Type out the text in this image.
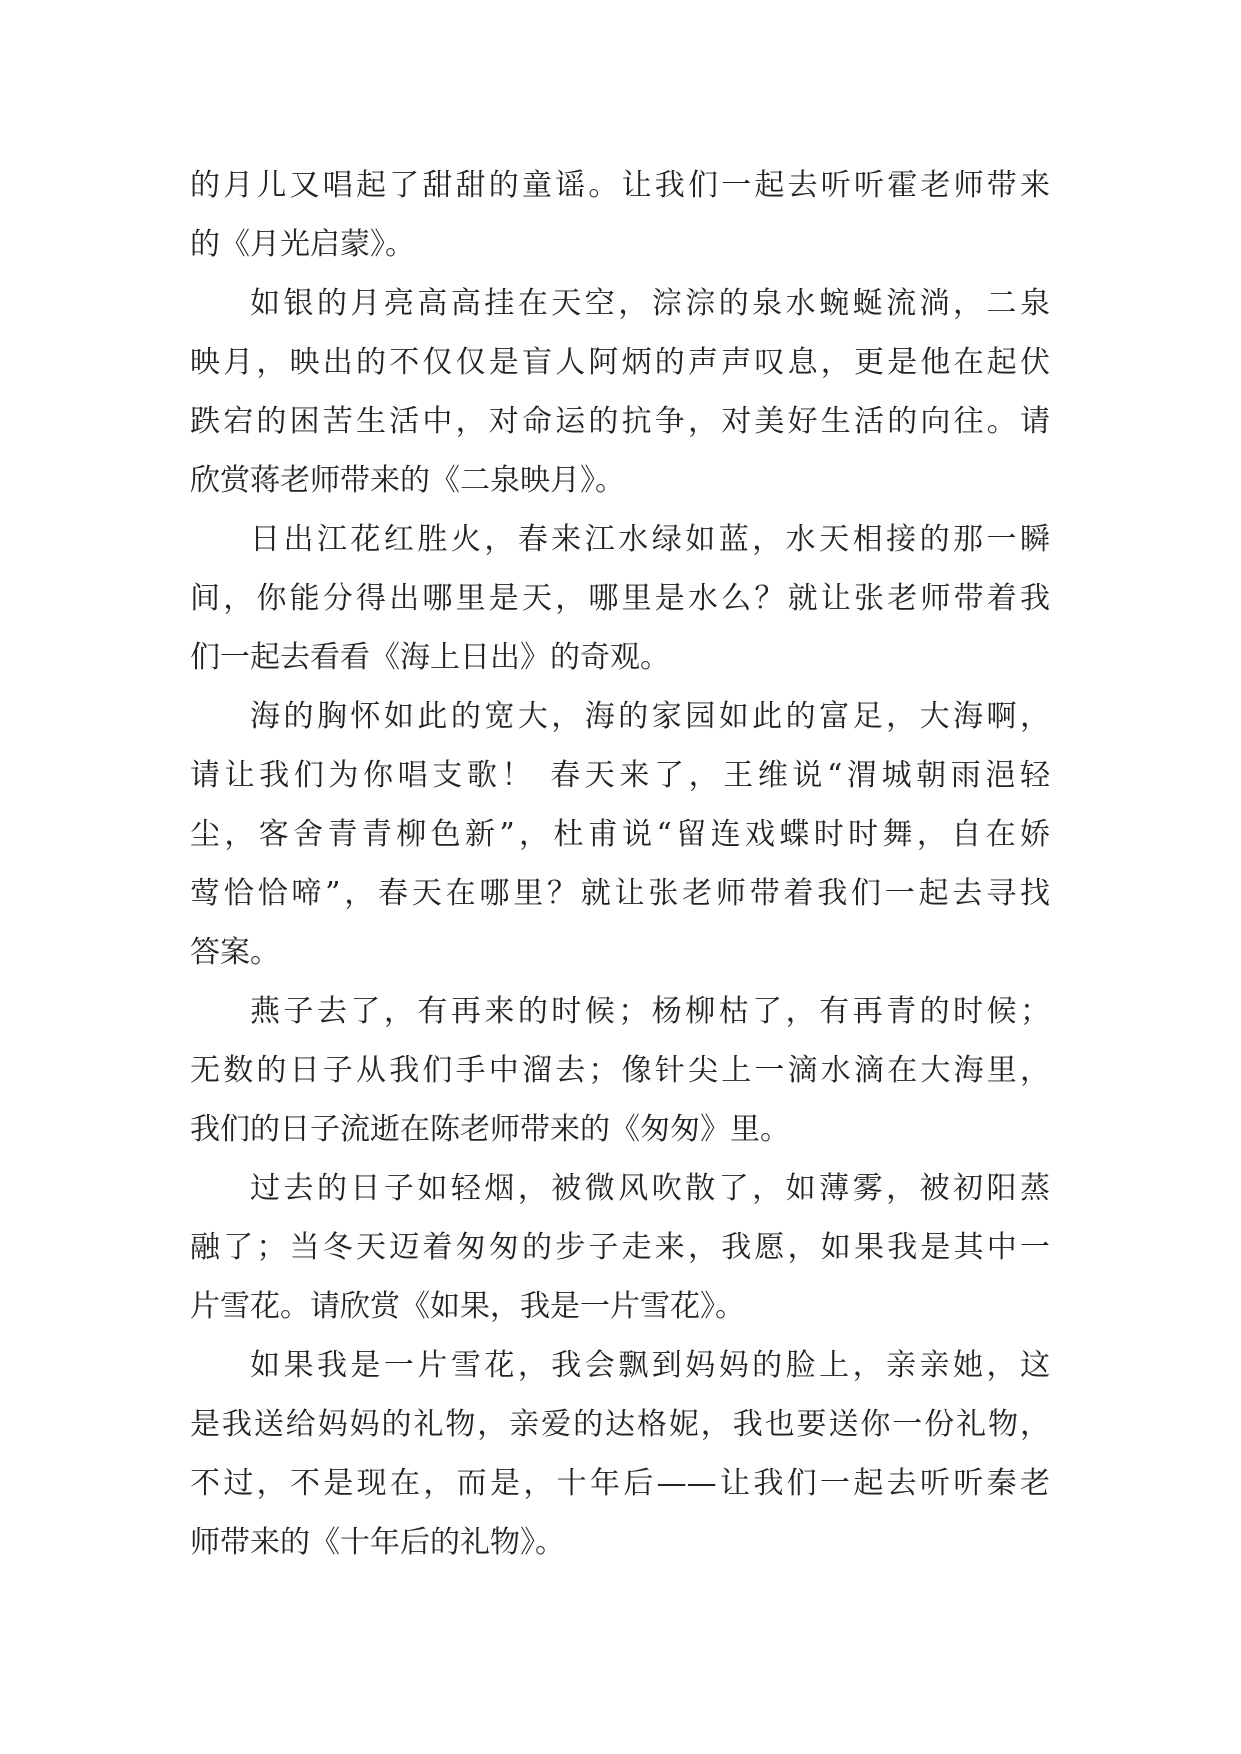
的月儿又唱起了甜甜的童谣。让我们一起去听听霍老师带来
的《月光启蒙》。
如银的月亮高高挂在天空，淙淙的泉水蜿蜒流淌，二泉
映月，映出的不仅仅是盲人阿炳的声声叹息，更是他在起伏
跌宕的困苦生活中，对命运的抗争，对美好生活的向往。请
欣赏蒋老师带来的《二泉映月》。
日出江花红胜火，春来江水绿如蓝，水天相接的那一瞬
间，你能分得出哪里是天，哪里是水么？就让张老师带着我
们一起去看看《海上日出》的奇观。
海的胸怀如此的宽大，海的家园如此的富足，大海啊，
请让我们为你唱支歌！ 春天来了，王维说“渭城朝雨浥轻
尘，客舍青青柳色新”，杜甫说“留连戏蝶时时舞，自在娇
莺恰恰啼”，春天在哪里？就让张老师带着我们一起去寻找
答案。
燕子去了，有再来的时候；杨柳枯了，有再青的时候；
无数的日子从我们手中溜去；像针尖上一滴水滴在大海里，
我们的日子流逝在陈老师带来的《匆匆》里。
过去的日子如轻烟，被微风吹散了，如薄雾，被初阳蒸
融了；当冬天迈着匆匆的步子走来，我愿，如果我是其中一
片雪花。请欣赏《如果，我是一片雪花》。
如果我是一片雪花，我会飘到妈妈的脸上，亲亲她，这
是我送给妈妈的礼物，亲爱的达格妮，我也要送你一份礼物，
不过，不是现在，而是，十年后——让我们一起去听听秦老
师带来的《十年后的礼物》。
